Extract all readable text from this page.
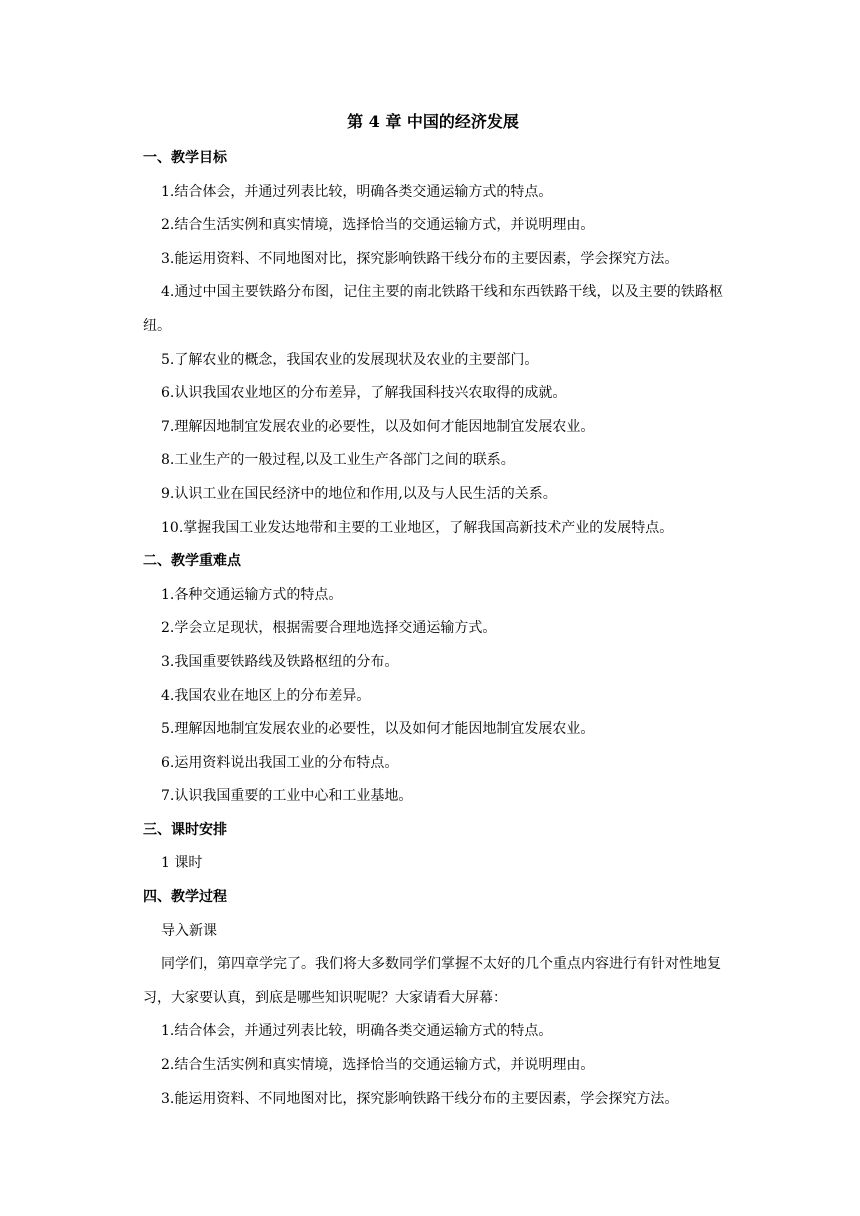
第 4 章 中国的经济发展

一、教学目标

1.结合体会，并通过列表比较，明确各类交通运输方式的特点。

2.结合生活实例和真实情境，选择恰当的交通运输方式，并说明理由。

3.能运用资料、不同地图对比，探究影响铁路干线分布的主要因素，学会探究方法。

4.通过中国主要铁路分布图，记住主要的南北铁路干线和东西铁路干线，以及主要的铁路枢纽。

5.了解农业的概念，我国农业的发展现状及农业的主要部门。

6.认识我国农业地区的分布差异，了解我国科技兴农取得的成就。

7.理解因地制宜发展农业的必要性，以及如何才能因地制宜发展农业。

8.工业生产的一般过程,以及工业生产各部门之间的联系。

9.认识工业在国民经济中的地位和作用,以及与人民生活的关系。

10.掌握我国工业发达地带和主要的工业地区，了解我国高新技术产业的发展特点。

二、教学重难点

1.各种交通运输方式的特点。

2.学会立足现状，根据需要合理地选择交通运输方式。

3.我国重要铁路线及铁路枢纽的分布。

4.我国农业在地区上的分布差异。

5.理解因地制宜发展农业的必要性，以及如何才能因地制宜发展农业。

6.运用资料说出我国工业的分布特点。

7.认识我国重要的工业中心和工业基地。

三、课时安排

1 课时

四、教学过程

导入新课

同学们，第四章学完了。我们将大多数同学们掌握不太好的几个重点内容进行有针对性地复习，大家要认真，到底是哪些知识呢呢？大家请看大屏幕：

1.结合体会，并通过列表比较，明确各类交通运输方式的特点。

2.结合生活实例和真实情境，选择恰当的交通运输方式，并说明理由。

3.能运用资料、不同地图对比，探究影响铁路干线分布的主要因素，学会探究方法。
